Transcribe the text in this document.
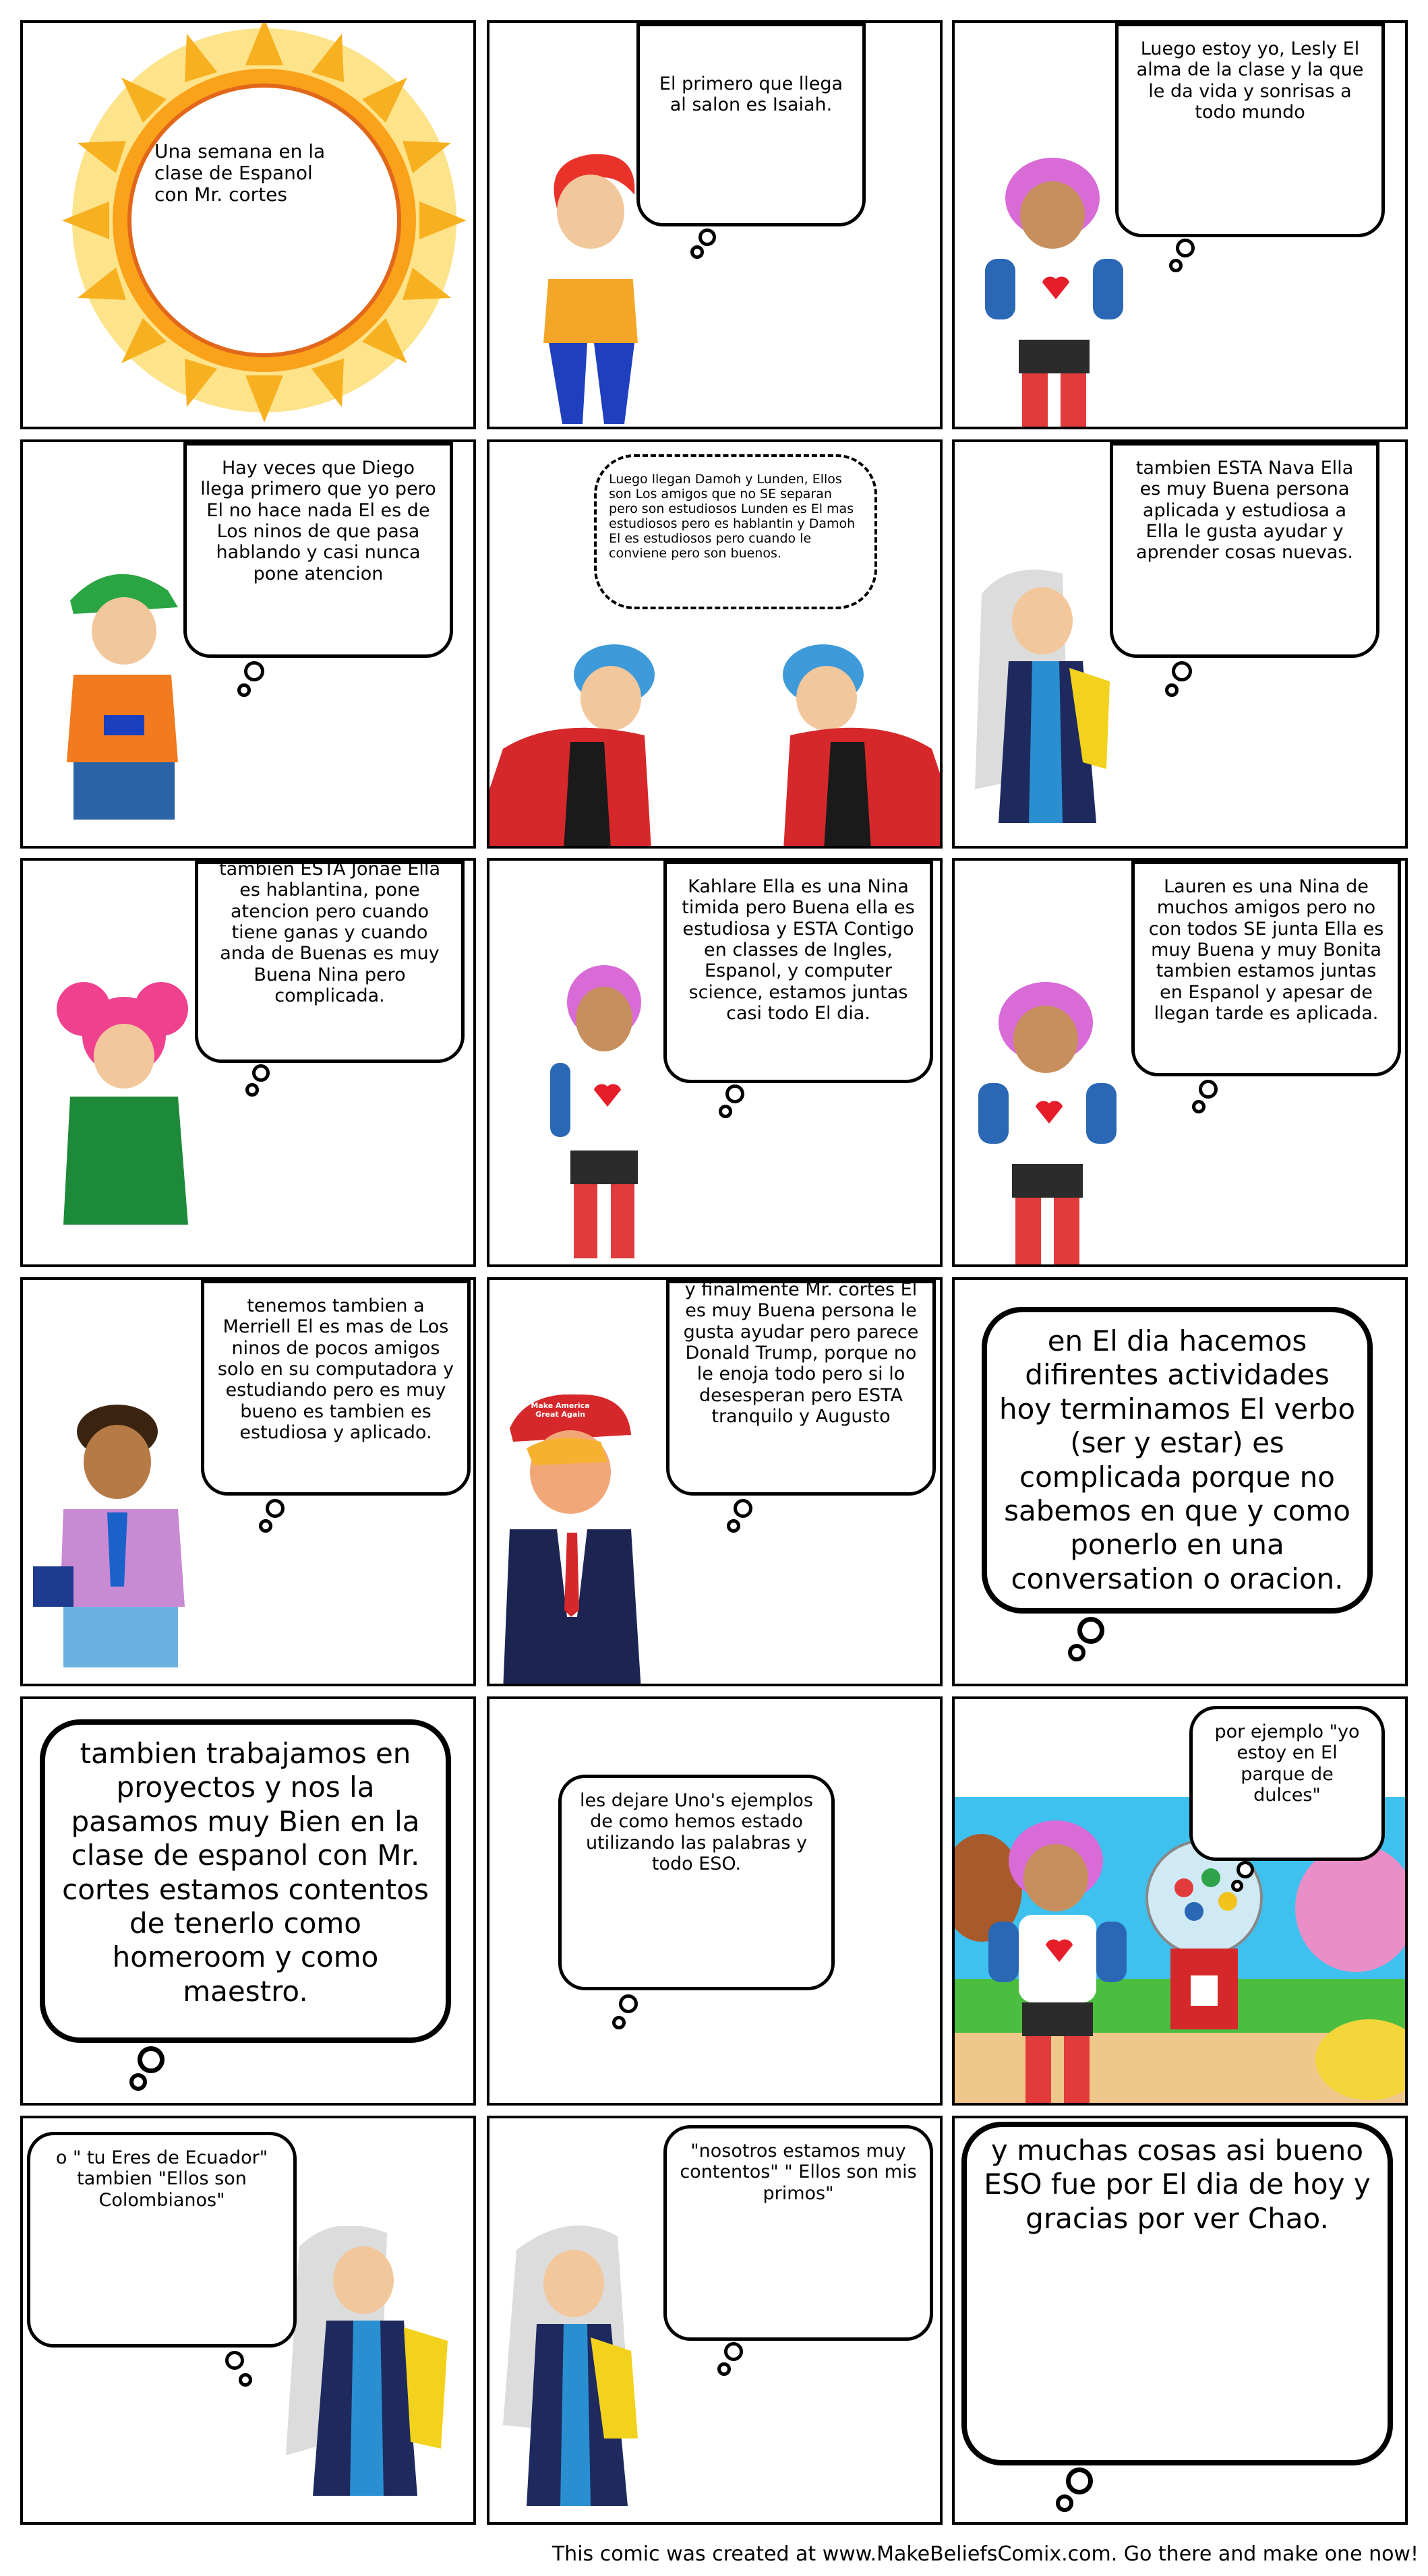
Una semana en la clase de Espanol con Mr. cortes
El primero que llega al salon es Isaiah.
Luego estoy yo, Lesly El alma de la clase y la que le da vida y sonrisas a todo mundo
Hay veces que Diego llega primero que yo pero El no hace nada El es de Los ninos de que pasa hablando y casi nunca pone atencion
Luego llegan Damoh y Lunden, Ellos son Los amigos que no SE separan pero son estudiosos Lunden es El mas estudiosos pero es hablantin y Damoh El es estudiosos pero cuando le conviene pero son buenos.
tambien ESTA Nava Ella es muy Buena persona aplicada y estudiosa a Ella le gusta ayudar y aprender cosas nuevas.
tambien ESTA Jonae Ella es hablantina, pone atencion pero cuando tiene ganas y cuando anda de Buenas es muy Buena Nina pero complicada.
Kahlare Ella es una Nina timida pero Buena ella es estudiosa y ESTA Contigo en classes de Ingles, Espanol, y computer science, estamos juntas casi todo El dia.
Lauren es una Nina de muchos amigos pero no con todos SE junta Ella es muy Buena y muy Bonita tambien estamos juntas en Espanol y apesar de llegan tarde es aplicada.
tenemos tambien a Merriell El es mas de Los ninos de pocos amigos solo en su computadora y estudiando pero es muy bueno es tambien es estudiosa y aplicado.
Make America Great Again
y finalmente Mr. cortes El es muy Buena persona le gusta ayudar pero parece Donald Trump, porque no le enoja todo pero si lo desesperan pero ESTA tranquilo y Augusto
en El dia hacemos difirentes actividades hoy terminamos El verbo (ser y estar) es complicada porque no sabemos en que y como ponerlo en una conversation o oracion.
tambien trabajamos en proyectos y nos la pasamos muy Bien en la clase de espanol con Mr. cortes estamos contentos de tenerlo como homeroom y como maestro.
les dejare Uno's ejemplos de como hemos estado utilizando las palabras y todo ESO.
por ejemplo "yo estoy en El parque de dulces"
o " tu Eres de Ecuador" tambien "Ellos son Colombianos"
"nosotros estamos muy contentos" " Ellos son mis primos"
y muchas cosas asi bueno ESO fue por El dia de hoy y gracias por ver Chao.
This comic was created at www.MakeBeliefsComix.com. Go there and make one now!
